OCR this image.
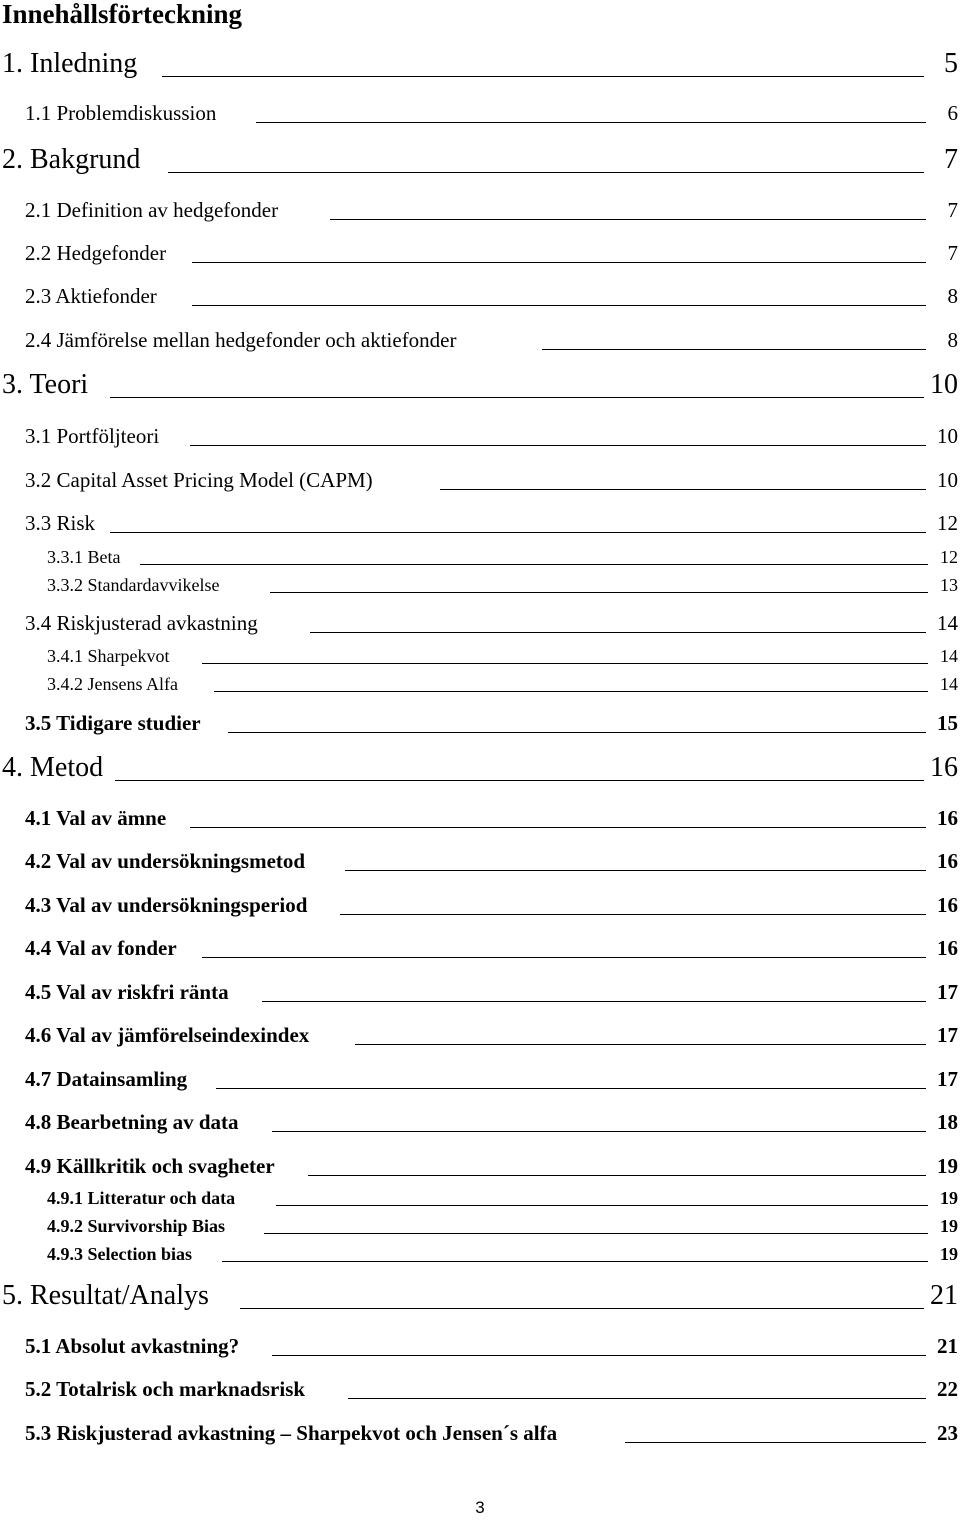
Innehållsförteckning
1. Inledning	5
1.1 Problemdiskussion	6
2. Bakgrund	7
2.1 Definition av hedgefonder	7
2.2 Hedgefonder	7
2.3 Aktiefonder	8
2.4 Jämförelse mellan hedgefonder och aktiefonder	8
3. Teori	10
3.1 Portföljteori	10
3.2 Capital Asset Pricing Model (CAPM)	10
3.3 Risk	12
3.3.1 Beta	12
3.3.2 Standardavvikelse	13
3.4 Riskjusterad avkastning	14
3.4.1 Sharpekvot	14
3.4.2 Jensens Alfa	14
3.5 Tidigare studier	15
4. Metod	16
4.1 Val av ämne	16
4.2 Val av undersökningsmetod	16
4.3 Val av undersökningsperiod	16
4.4 Val av fonder	16
4.5 Val av riskfri ränta	17
4.6 Val av jämförelseindexindex	17
4.7 Datainsamling	17
4.8 Bearbetning av data	18
4.9 Källkritik och svagheter	19
4.9.1 Litteratur och data	19
4.9.2 Survivorship Bias	19
4.9.3 Selection bias	19
5. Resultat/Analys	21
5.1 Absolut avkastning?	21
5.2 Totalrisk och marknadsrisk	22
5.3 Riskjusterad avkastning – Sharpekvot och Jensen´s alfa	23
3
